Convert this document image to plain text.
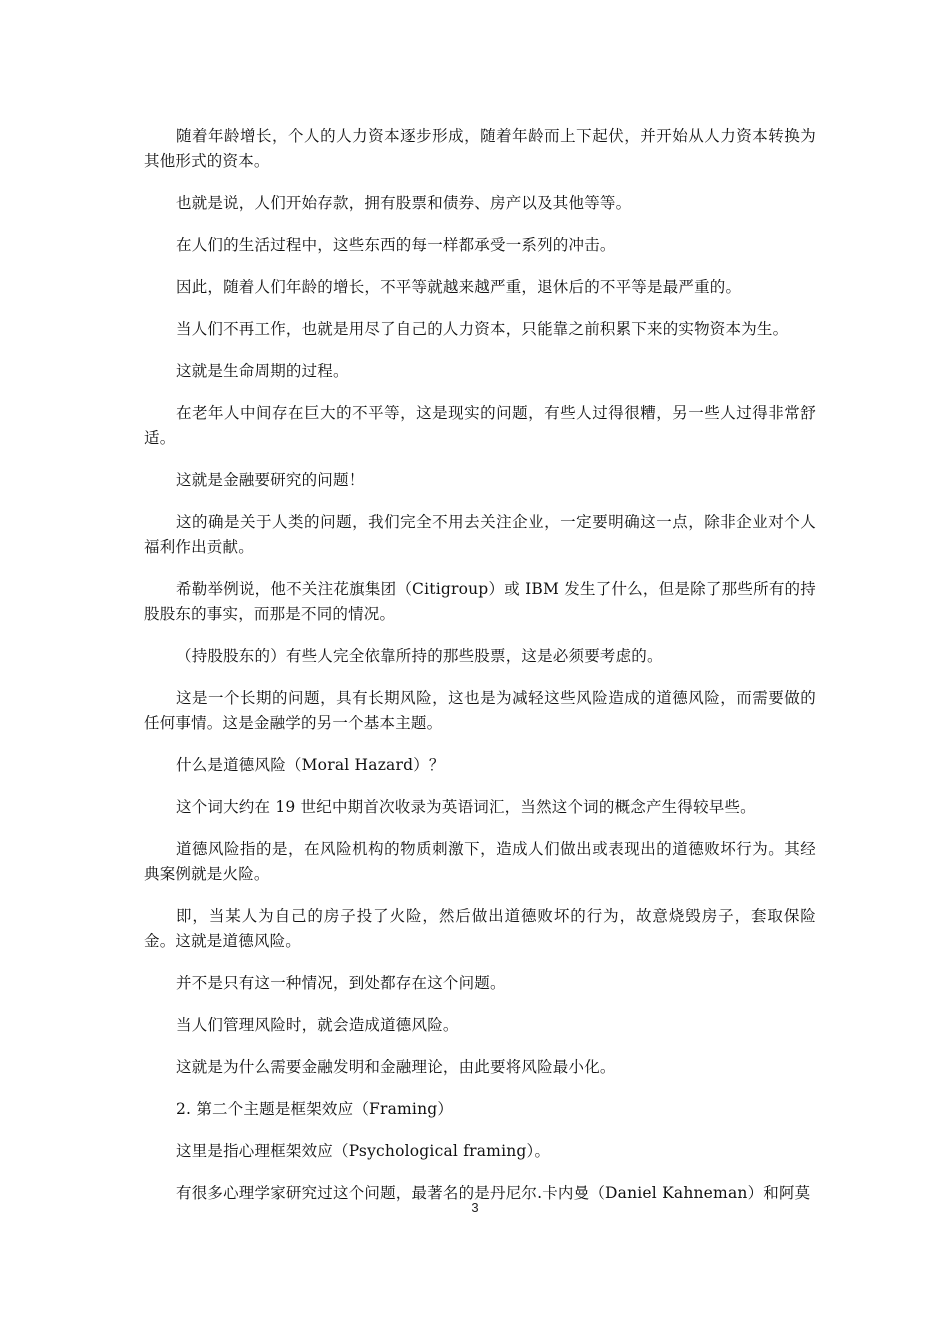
随着年龄增长，个人的人力资本逐步形成，随着年龄而上下起伏，并开始从人力资本转换为其他形式的资本。

也就是说，人们开始存款，拥有股票和债券、房产以及其他等等。

在人们的生活过程中，这些东西的每一样都承受一系列的冲击。

因此，随着人们年龄的增长，不平等就越来越严重，退休后的不平等是最严重的。

当人们不再工作，也就是用尽了自己的人力资本，只能靠之前积累下来的实物资本为生。

这就是生命周期的过程。

在老年人中间存在巨大的不平等，这是现实的问题，有些人过得很糟，另一些人过得非常舒适。

这就是金融要研究的问题！

这的确是关于人类的问题，我们完全不用去关注企业，一定要明确这一点，除非企业对个人福利作出贡献。

希勒举例说，他不关注花旗集团（Citigroup）或 IBM 发生了什么，但是除了那些所有的持股股东的事实，而那是不同的情况。

（持股股东的）有些人完全依靠所持的那些股票，这是必须要考虑的。

这是一个长期的问题，具有长期风险，这也是为减轻这些风险造成的道德风险，而需要做的任何事情。这是金融学的另一个基本主题。

什么是道德风险（Moral Hazard）？

这个词大约在 19 世纪中期首次收录为英语词汇，当然这个词的概念产生得较早些。

道德风险指的是，在风险机构的物质刺激下，造成人们做出或表现出的道德败坏行为。其经典案例就是火险。

即，当某人为自己的房子投了火险，然后做出道德败坏的行为，故意烧毁房子，套取保险金。这就是道德风险。

并不是只有这一种情况，到处都存在这个问题。

当人们管理风险时，就会造成道德风险。

这就是为什么需要金融发明和金融理论，由此要将风险最小化。

2. 第二个主题是框架效应（Framing）

这里是指心理框架效应（Psychological framing）。

有很多心理学家研究过这个问题，最著名的是丹尼尔.卡内曼（Daniel Kahneman）和阿莫

3
